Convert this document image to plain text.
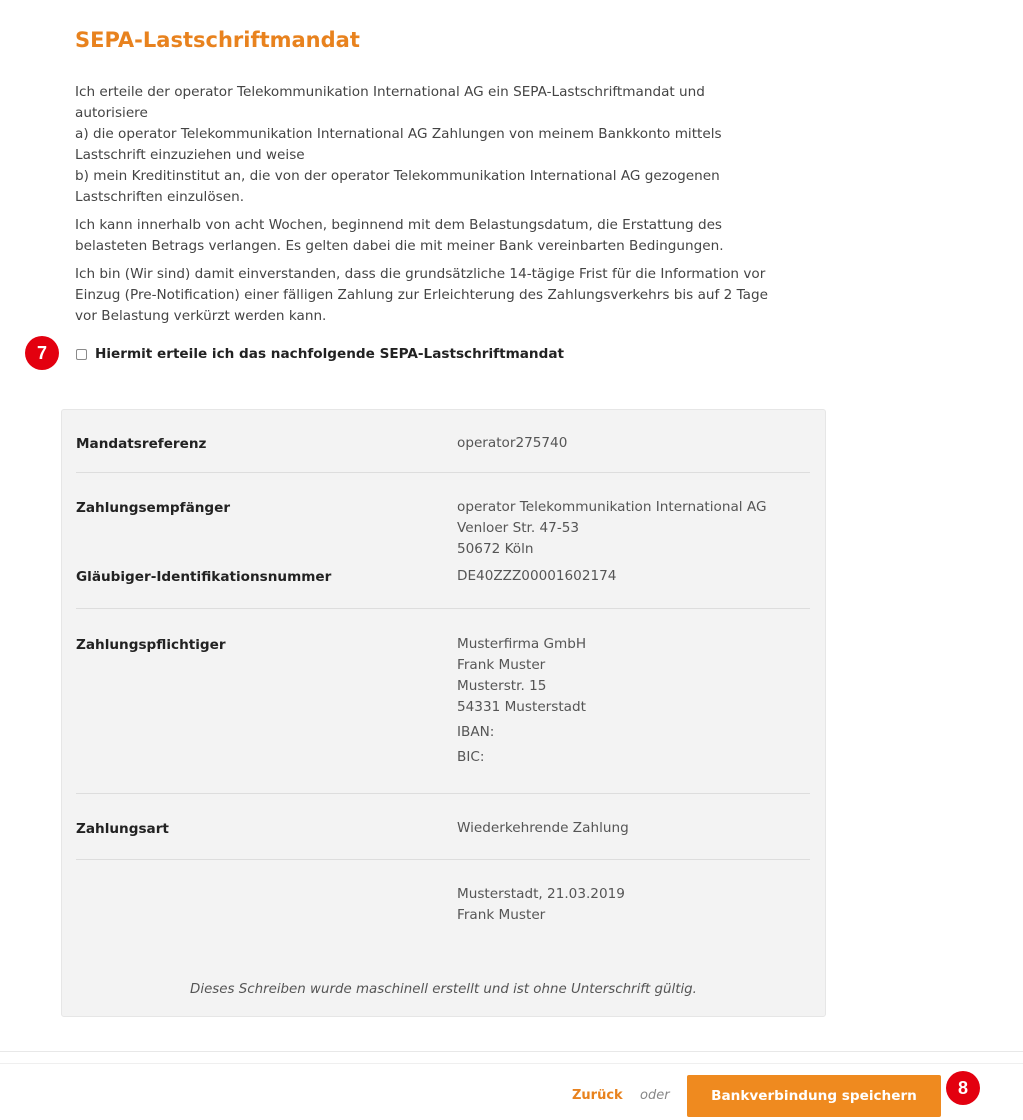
SEPA-Lastschriftmandat

Ich erteile der operator Telekommunikation International AG ein SEPA-Lastschriftmandat und
autorisiere
a) die operator Telekommunikation International AG Zahlungen von meinem Bankkonto mittels
Lastschrift einzuziehen und weise
b) mein Kreditinstitut an, die von der operator Telekommunikation International AG gezogenen
Lastschriften einzulösen.

Ich kann innerhalb von acht Wochen, beginnend mit dem Belastungsdatum, die Erstattung des
belasteten Betrags verlangen. Es gelten dabei die mit meiner Bank vereinbarten Bedingungen.

Ich bin (Wir sind) damit einverstanden, dass die grundsätzliche 14-tägige Frist für die Information vor
Einzug (Pre-Notification) einer fälligen Zahlung zur Erleichterung des Zahlungsverkehrs bis auf 2 Tage
vor Belastung verkürzt werden kann.

7	Hiermit erteile ich das nachfolgende SEPA-Lastschriftmandat
Mandatsreferenz	operator275740
Zahlungsempfänger	operator Telekommunikation International AG
Venloer Str. 47-53
50672 Köln
Gläubiger-Identifikationsnummer	DE40ZZZ00001602174
Zahlungspflichtiger	Musterfirma GmbH
Frank Muster
Musterstr. 15
54331 Musterstadt
IBAN:
BIC:
Zahlungsart	Wiederkehrende Zahlung
Musterstadt, 21.03.2019
Frank Muster
Dieses Schreiben wurde maschinell erstellt und ist ohne Unterschrift gültig.
Zurück oder	Bankverbindung speichern	8
